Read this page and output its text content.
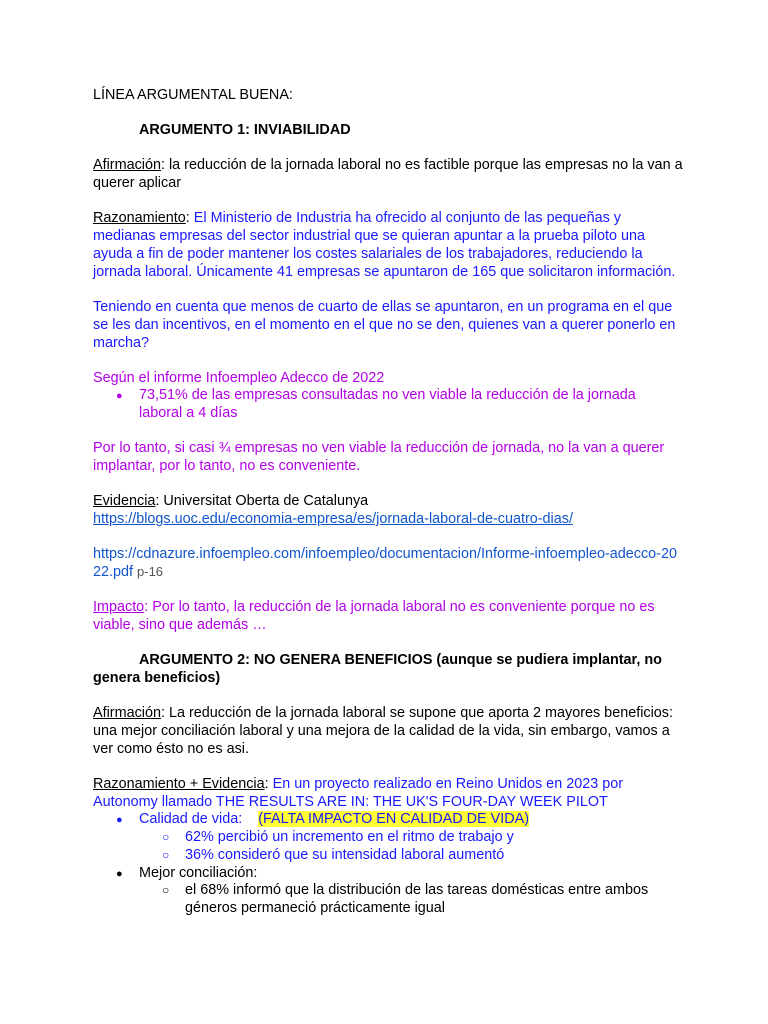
LÍNEA ARGUMENTAL BUENA:

ARGUMENTO 1: INVIABILIDAD

Afirmación: la reducción de la jornada laboral no es factible porque las empresas no la van a querer aplicar

Razonamiento: El Ministerio de Industria ha ofrecido al conjunto de las pequeñas y medianas empresas del sector industrial que se quieran apuntar a la prueba piloto una ayuda a fin de poder mantener los costes salariales de los trabajadores, reduciendo la jornada laboral. Únicamente 41 empresas se apuntaron de 165 que solicitaron información.

Teniendo en cuenta que menos de cuarto de ellas se apuntaron, en un programa en el que se les dan incentivos, en el momento en el que no se den, quienes van a querer ponerlo en marcha?

Según el informe Infoempleo Adecco de 2022

●	73,51% de las empresas consultadas no ven viable la reducción de la jornada laboral a 4 días

Por lo tanto, si casi ¾ empresas no ven viable la reducción de jornada, no la van a querer implantar, por lo tanto, no es conveniente.

Evidencia: Universitat Oberta de Catalunya

https://blogs.uoc.edu/economia-empresa/es/jornada-laboral-de-cuatro-dias/

https://cdnazure.infoempleo.com/infoempleo/documentacion/Informe-infoempleo-adecco-2022.pdf p-16

Impacto: Por lo tanto, la reducción de la jornada laboral no es conveniente porque no es viable, sino que además …

ARGUMENTO 2: NO GENERA BENEFICIOS (aunque se pudiera implantar, no genera beneficios)

Afirmación: La reducción de la jornada laboral se supone que aporta 2 mayores beneficios: una mejor conciliación laboral y una mejora de la calidad de la vida, sin embargo, vamos a ver como ésto no es asi.

Razonamiento + Evidencia: En un proyecto realizado en Reino Unidos en 2023 por Autonomy llamado THE RESULTS ARE IN: THE UK'S FOUR-DAY WEEK PILOT

●	Calidad de vida: (FALTA IMPACTO EN CALIDAD DE VIDA)

○	62% percibió un incremento en el ritmo de trabajo y

○	36% consideró que su intensidad laboral aumentó

●	Mejor conciliación:

○	el 68% informó que la distribución de las tareas domésticas entre ambos géneros permaneció prácticamente igual
